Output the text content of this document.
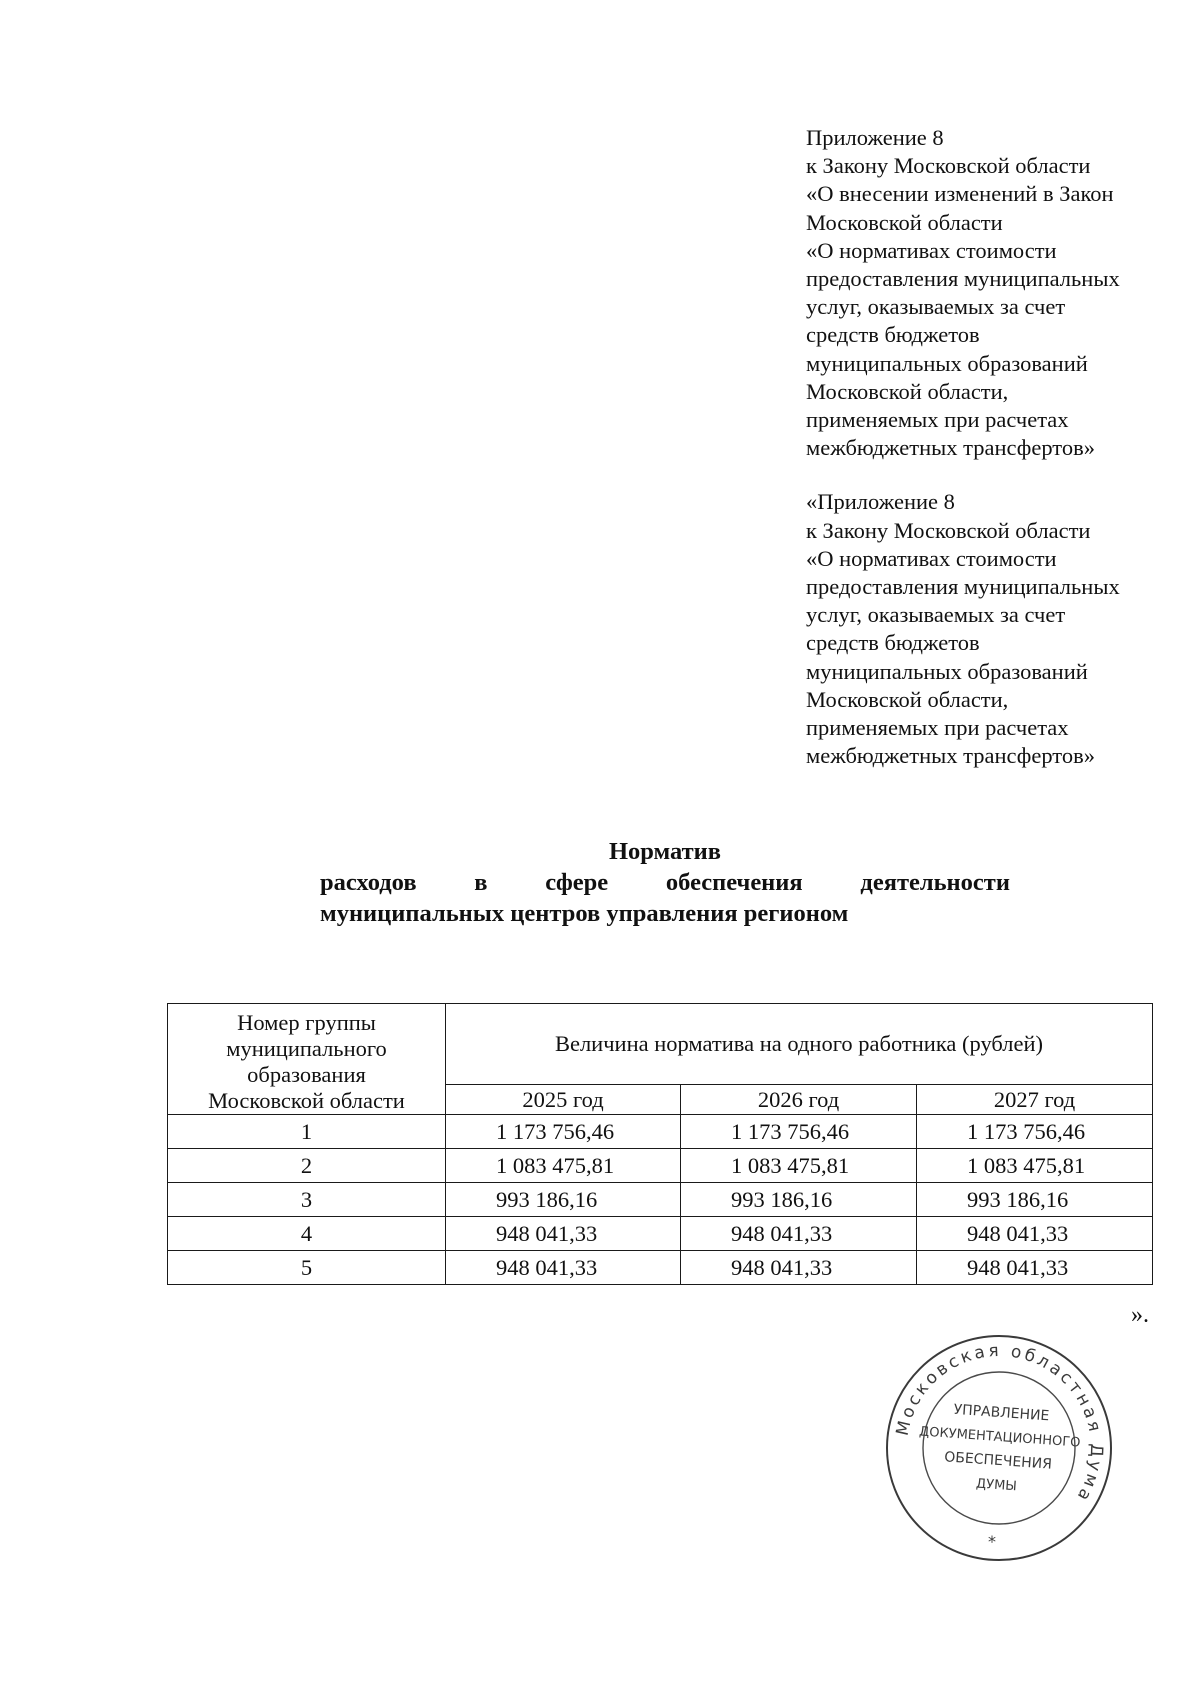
Приложение 8
к Закону Московской области
«О внесении изменений в Закон
Московской области
«О нормативах стоимости
предоставления муниципальных
услуг, оказываемых за счет
средств бюджетов
муниципальных образований
Московской области,
применяемых при расчетах
межбюджетных трансфертов»
«Приложение 8
к Закону Московской области
«О нормативах стоимости
предоставления муниципальных
услуг, оказываемых за счет
средств бюджетов
муниципальных образований
Московской области,
применяемых при расчетах
межбюджетных трансфертов»
Норматив
расходов в сфере обеспечения деятельности
муниципальных центров управления регионом
Номер группы
муниципального
образования
Московской области	Величина норматива на одного работника (рублей)		
	2025 год	2026 год	2027 год
1	1 173 756,46	1 173 756,46	1 173 756,46
2	1 083 475,81	1 083 475,81	1 083 475,81
3	993 186,16	993 186,16	993 186,16
4	948 041,33	948 041,33	948 041,33
5	948 041,33	948 041,33	948 041,33
».
Московская областная Дума
УПРАВЛЕНИЕ
ДОКУМЕНТАЦИОННОГО
ОБЕСПЕЧЕНИЯ
ДУМЫ
*
